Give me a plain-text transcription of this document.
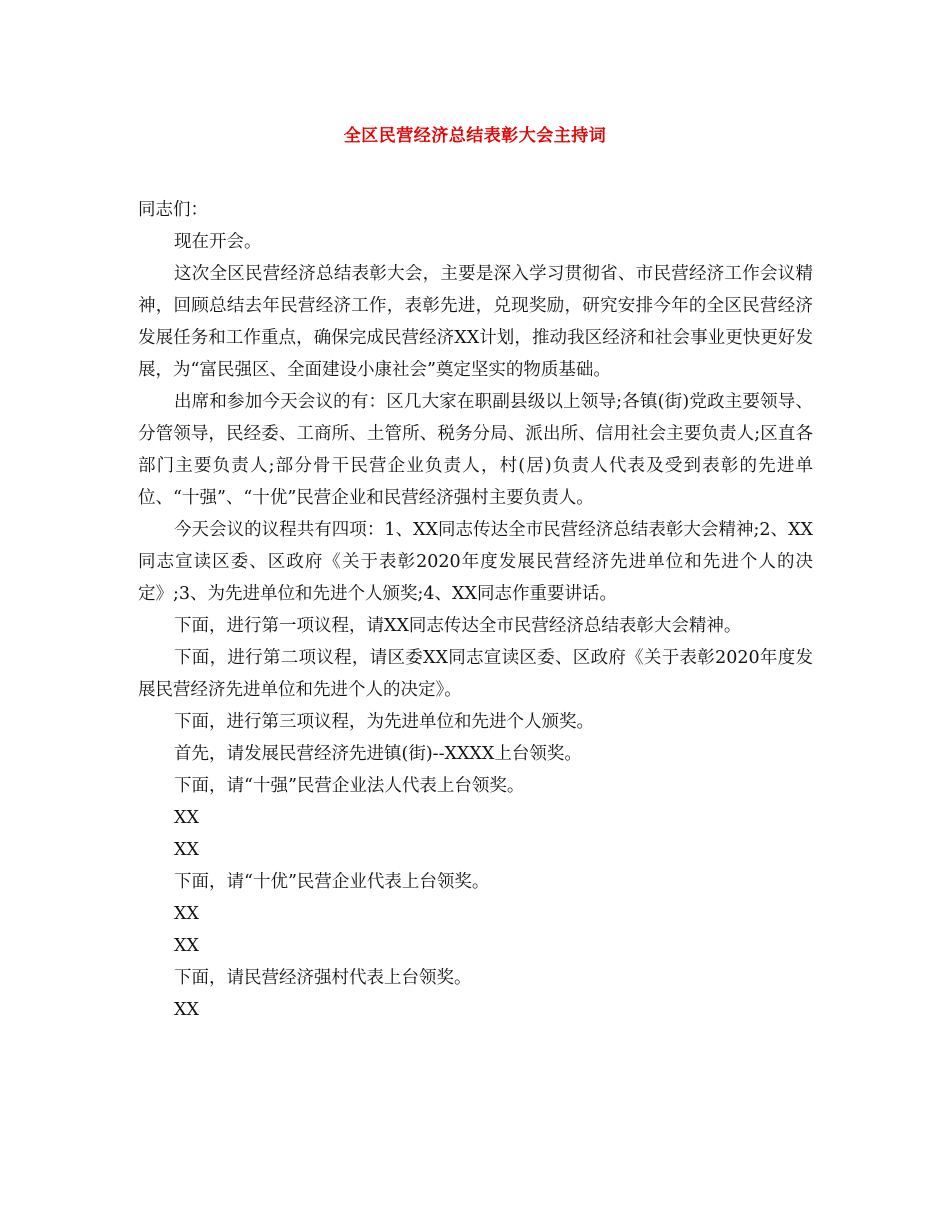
全区民营经济总结表彰大会主持词

同志们：

现在开会。

这次全区民营经济总结表彰大会，主要是深入学习贯彻省、市民营经济工作会议精神，回顾总结去年民营经济工作，表彰先进，兑现奖励，研究安排今年的全区民营经济发展任务和工作重点，确保完成民营经济XX计划，推动我区经济和社会事业更快更好发展，为“富民强区、全面建设小康社会”奠定坚实的物质基础。

出席和参加今天会议的有：区几大家在职副县级以上领导;各镇(街)党政主要领导、分管领导，民经委、工商所、土管所、税务分局、派出所、信用社会主要负责人;区直各部门主要负责人;部分骨干民营企业负责人，村(居)负责人代表及受到表彰的先进单位、“十强”、“十优”民营企业和民营经济强村主要负责人。

今天会议的议程共有四项：1、XX同志传达全市民营经济总结表彰大会精神;2、XX同志宣读区委、区政府《关于表彰2020年度发展民营经济先进单位和先进个人的决定》;3、为先进单位和先进个人颁奖;4、XX同志作重要讲话。

下面，进行第一项议程，请XX同志传达全市民营经济总结表彰大会精神。

下面，进行第二项议程，请区委XX同志宣读区委、区政府《关于表彰2020年度发展民营经济先进单位和先进个人的决定》。

下面，进行第三项议程，为先进单位和先进个人颁奖。

首先，请发展民营经济先进镇(街)--XXXX上台领奖。

下面，请“十强”民营企业法人代表上台领奖。

XX

XX

下面，请“十优”民营企业代表上台领奖。

XX

XX

下面，请民营经济强村代表上台领奖。

XX
